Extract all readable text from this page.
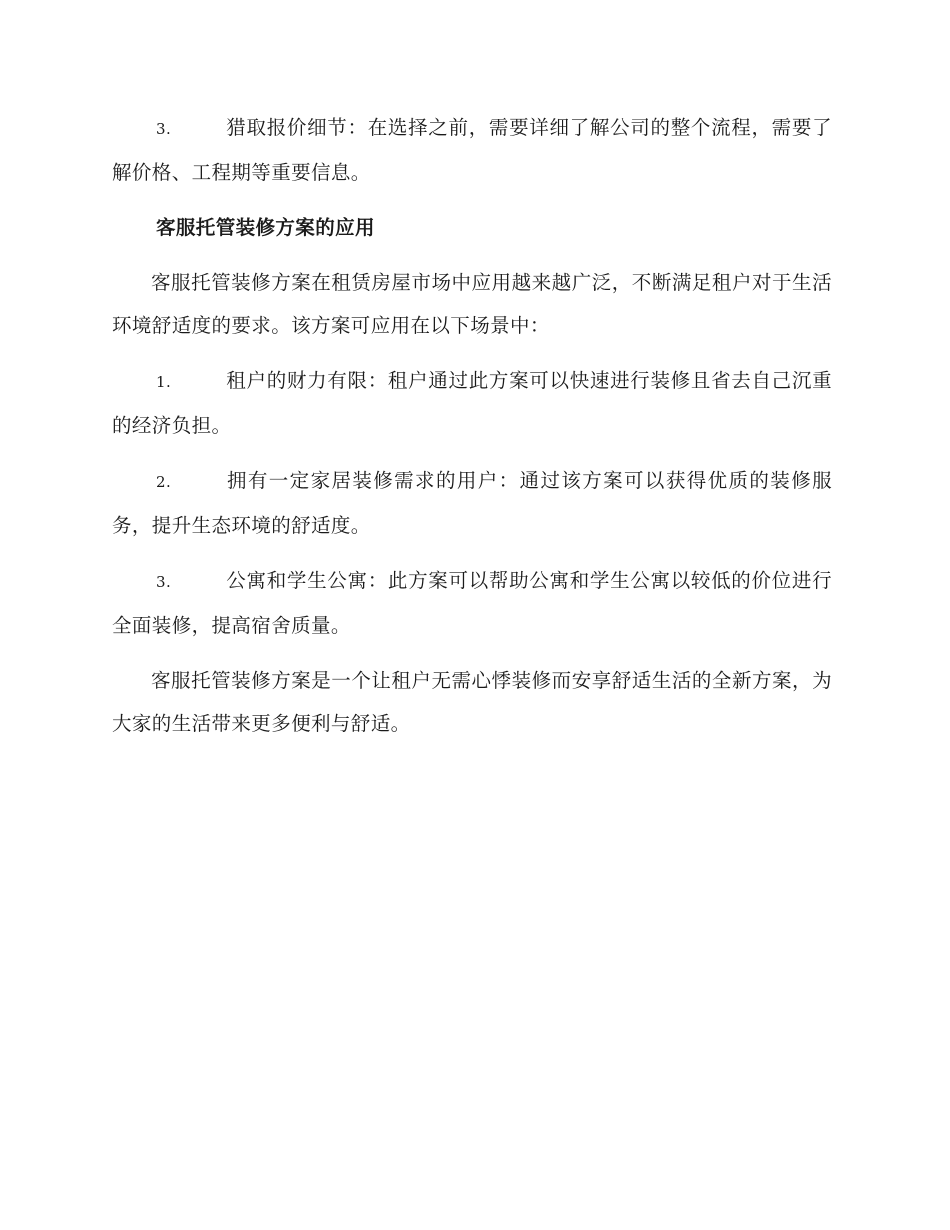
3.	猎取报价细节：在选择之前，需要详细了解公司的整个流程，需要了解价格、工程期等重要信息。

客服托管装修方案的应用

客服托管装修方案在租赁房屋市场中应用越来越广泛，不断满足租户对于生活环境舒适度的要求。该方案可应用在以下场景中：

1.	租户的财力有限：租户通过此方案可以快速进行装修且省去自己沉重的经济负担。

2.	拥有一定家居装修需求的用户：通过该方案可以获得优质的装修服务，提升生态环境的舒适度。

3.	公寓和学生公寓：此方案可以帮助公寓和学生公寓以较低的价位进行全面装修，提高宿舍质量。

客服托管装修方案是一个让租户无需心悸装修而安享舒适生活的全新方案，为大家的生活带来更多便利与舒适。
